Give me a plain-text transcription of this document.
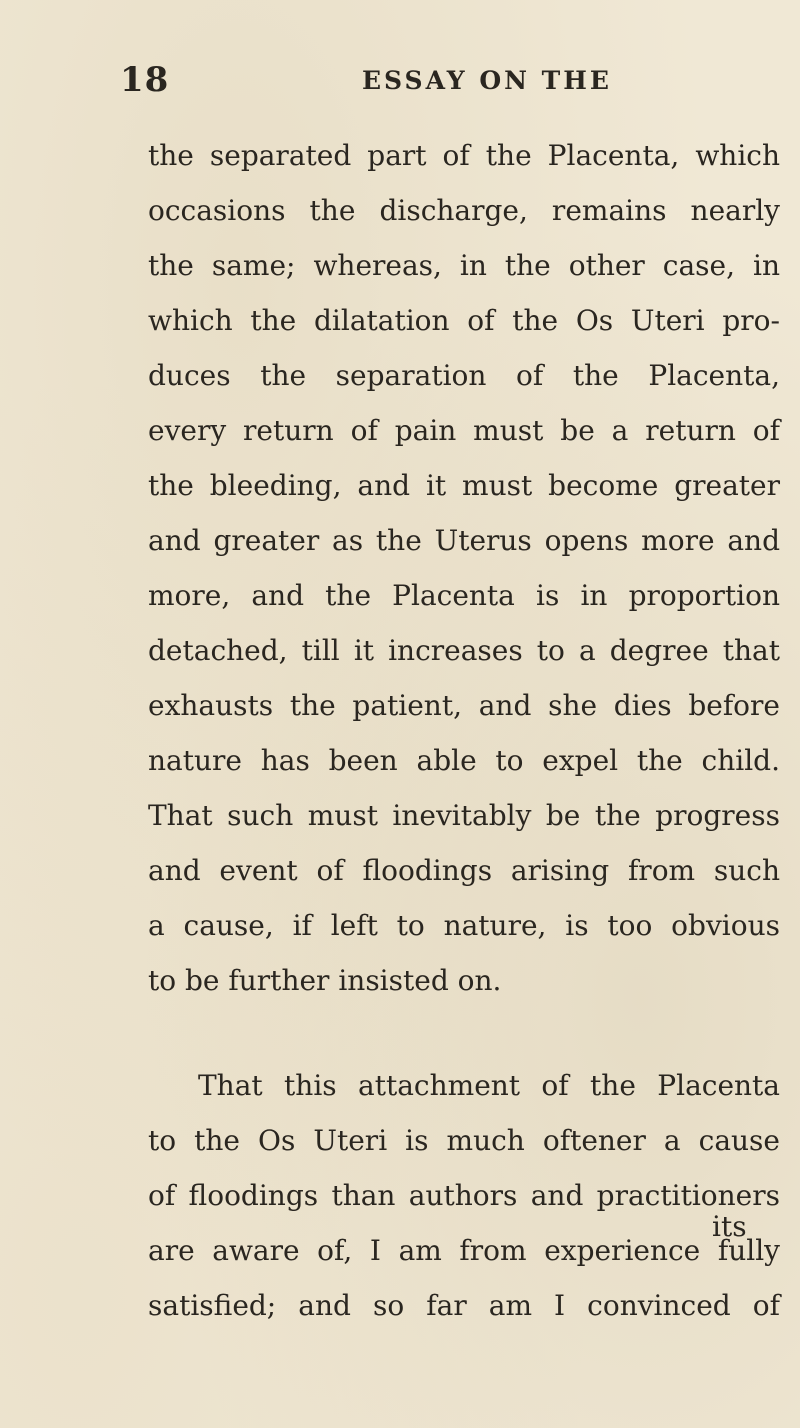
18	ESSAY ON THE
the separated part of the Placenta, which
occasions the discharge, remains nearly
the same; whereas, in the other case, in
which the dilatation of the Os Uteri pro-
duces the separation of the Placenta,
every return of pain must be a return of
the bleeding, and it must become greater
and greater as the Uterus opens more and
more, and the Placenta is in proportion
detached, till it increases to a degree that
exhausts the patient, and she dies before
nature has been able to expel the child.
That such must inevitably be the progress
and event of floodings arising from such
a cause, if left to nature, is too obvious
to be further insisted on.
That this attachment of the Placenta
to the Os Uteri is much oftener a cause
of floodings than authors and practitioners
are aware of, I am from experience fully
satisfied; and so far am I convinced of
its
